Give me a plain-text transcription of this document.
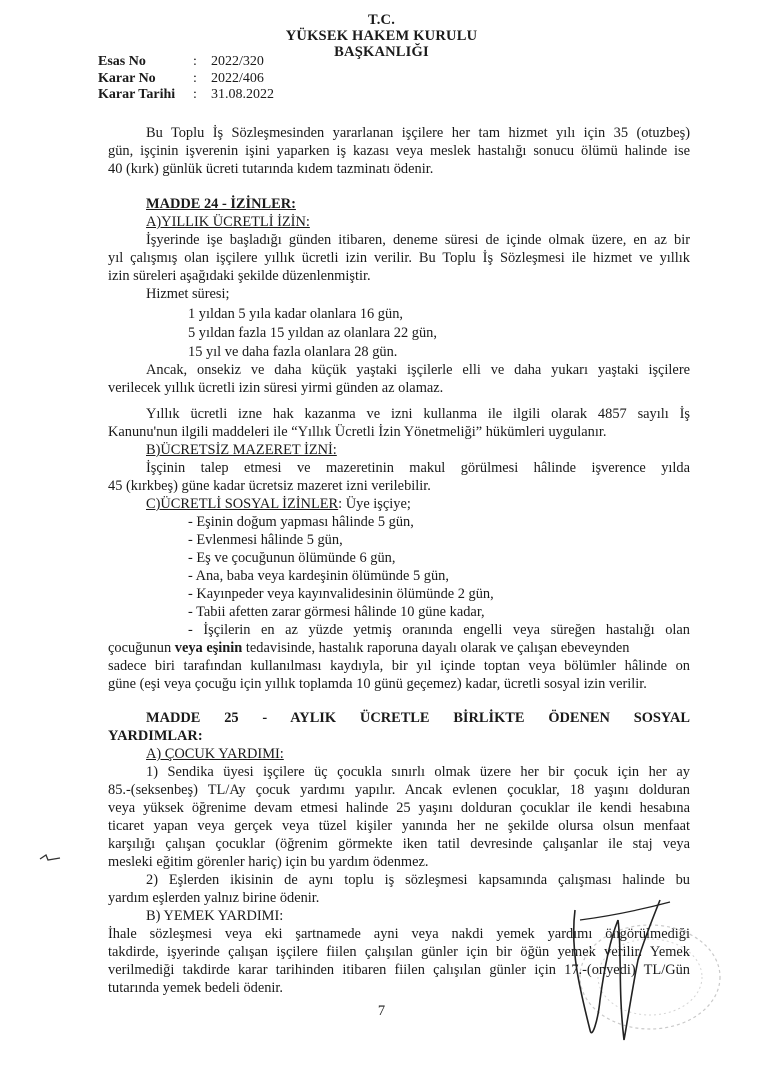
T.C.
YÜKSEK HAKEM KURULU
BAŞKANLIĞI
Esas No	:	2022/320
Karar No	:	2022/406
Karar Tarihi	:	31.08.2022
Bu Toplu İş Sözleşmesinden yararlanan işçilere her tam hizmet yılı için 35 (otuzbeş)
gün, işçinin işverenin işini yaparken iş kazası veya meslek hastalığı sonucu ölümü halinde ise
40 (kırk) günlük ücreti tutarında kıdem tazminatı ödenir.
MADDE 24 - İZİNLER:
A)YILLIK ÜCRETLİ İZİN:
İşyerinde işe başladığı günden itibaren, deneme süresi de içinde olmak üzere, en az bir
yıl çalışmış olan işçilere yıllık ücretli izin verilir. Bu Toplu İş Sözleşmesi ile hizmet ve yıllık
izin süreleri aşağıdaki şekilde düzenlenmiştir.
Hizmet süresi;
1 yıldan 5 yıla kadar olanlara 16 gün,
5 yıldan fazla 15 yıldan az olanlara 22 gün,
15 yıl ve daha fazla olanlara 28 gün.
Ancak, onsekiz ve daha küçük yaştaki işçilerle elli ve daha yukarı yaştaki işçilere
verilecek yıllık ücretli izin süresi yirmi günden az olamaz.
Yıllık ücretli izne hak kazanma ve izni kullanma ile ilgili olarak 4857 sayılı İş
Kanunu'nun ilgili maddeleri ile “Yıllık Ücretli İzin Yönetmeliği” hükümleri uygulanır.
B)ÜCRETSİZ MAZERET İZNİ:
İşçinin talep etmesi ve mazeretinin makul görülmesi hâlinde işverence yılda
45 (kırkbeş) güne kadar ücretsiz mazeret izni verilebilir.
C)ÜCRETLİ SOSYAL İZİNLER: Üye işçiye;
- Eşinin doğum yapması hâlinde 5 gün,
- Evlenmesi hâlinde 5 gün,
- Eş ve çocuğunun ölümünde 6 gün,
- Ana, baba veya kardeşinin ölümünde 5 gün,
- Kayınpeder veya kayınvalidesinin ölümünde 2 gün,
- Tabii afetten zarar görmesi hâlinde 10 güne kadar,
- İşçilerin en az yüzde yetmiş oranında engelli veya süreğen hastalığı olan
çocuğunun veya eşinin tedavisinde, hastalık raporuna dayalı olarak ve çalışan ebeveynden
sadece biri tarafından kullanılması kaydıyla, bir yıl içinde toptan veya bölümler hâlinde on
güne (eşi veya çocuğu için yıllık toplamda 10 günü geçemez) kadar, ücretli sosyal izin verilir.
MADDE 25 - AYLIK ÜCRETLE BİRLİKTE ÖDENEN SOSYAL
YARDIMLAR:
A) ÇOCUK YARDIMI:
1) Sendika üyesi işçilere üç çocukla sınırlı olmak üzere her bir çocuk için her ay
85.-(seksenbeş) TL/Ay çocuk yardımı yapılır. Ancak evlenen çocuklar, 18 yaşını dolduran
veya yüksek öğrenime devam etmesi halinde 25 yaşını dolduran çocuklar ile kendi hesabına
ticaret yapan veya gerçek veya tüzel kişiler yanında her ne şekilde olursa olsun menfaat
karşılığı çalışan çocuklar (öğrenim görmekte iken tatil devresinde çalışanlar ile staj veya
mesleki eğitim görenler hariç) için bu yardım ödenmez.
2) Eşlerden ikisinin de aynı toplu iş sözleşmesi kapsamında çalışması halinde bu
yardım eşlerden yalnız birine ödenir.
B) YEMEK YARDIMI:
İhale sözleşmesi veya eki şartnamede ayni veya nakdi yemek yardımı öngörülmediği
takdirde, işyerinde çalışan işçilere fiilen çalışılan günler için bir öğün yemek verilir. Yemek
verilmediği takdirde karar tarihinden itibaren fiilen çalışılan günler için 17.-(onyedi) TL/Gün
tutarında yemek bedeli ödenir.
7
